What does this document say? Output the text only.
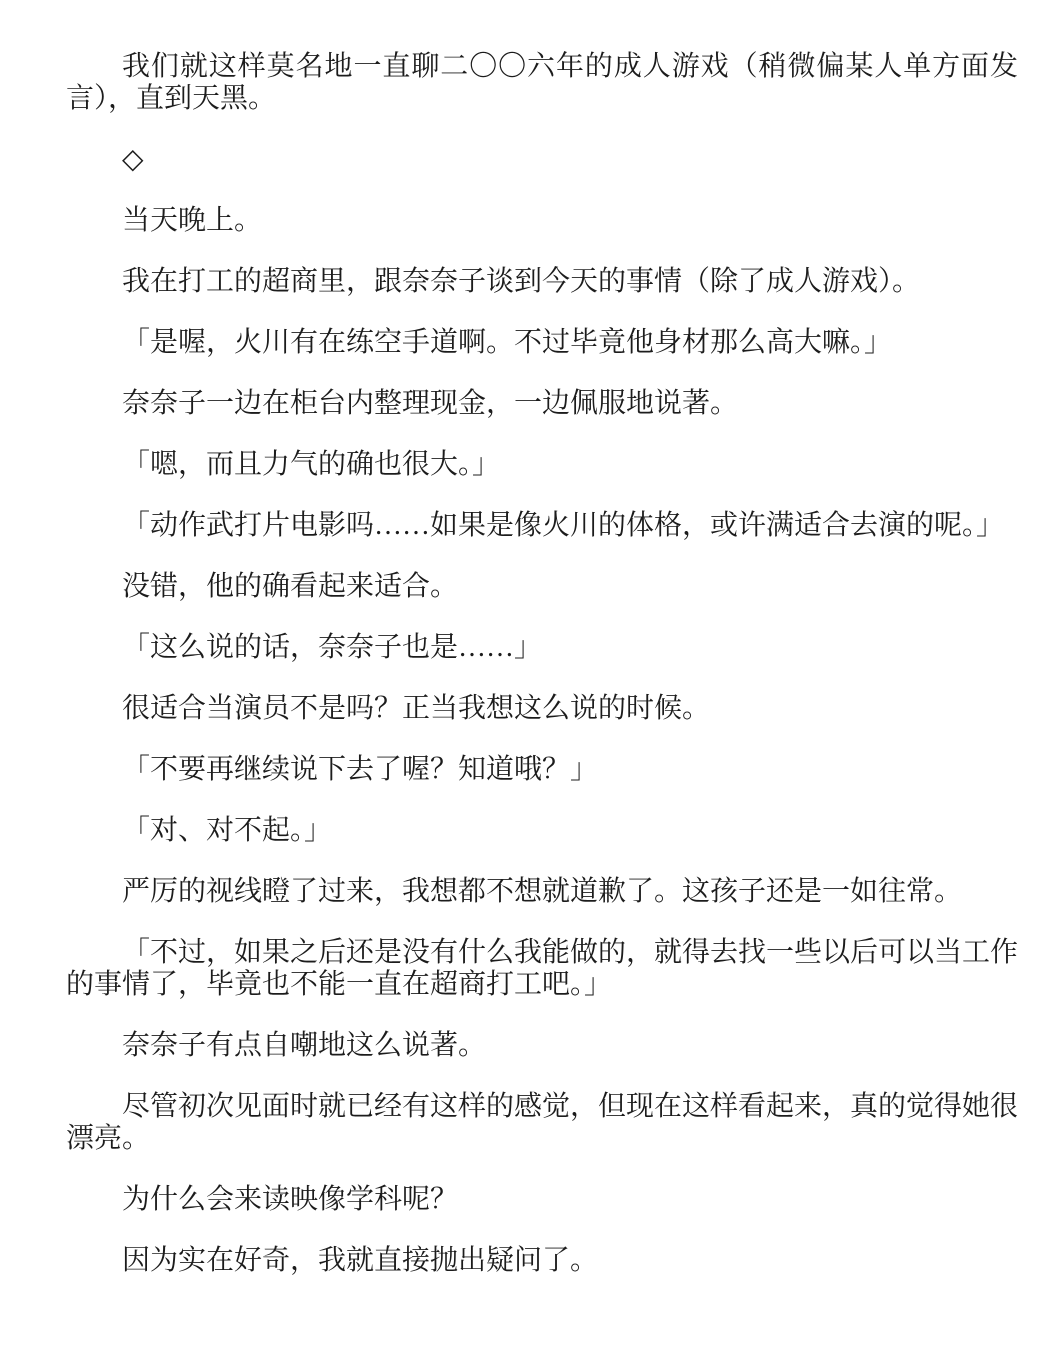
我们就这样莫名地一直聊二〇〇六年的成人游戏（稍微偏某人单方面发言），直到天黑。

◇

当天晚上。

我在打工的超商里，跟奈奈子谈到今天的事情（除了成人游戏）。

「是喔，火川有在练空手道啊。不过毕竟他身材那么高大嘛。」

奈奈子一边在柜台内整理现金，一边佩服地说著。

「嗯，而且力气的确也很大。」

「动作武打片电影吗……如果是像火川的体格，或许满适合去演的呢。」

没错，他的确看起来适合。

「这么说的话，奈奈子也是……」

很适合当演员不是吗？正当我想这么说的时候。

「不要再继续说下去了喔？知道哦？」

「对、对不起。」

严厉的视线瞪了过来，我想都不想就道歉了。这孩子还是一如往常。

「不过，如果之后还是没有什么我能做的，就得去找一些以后可以当工作的事情了，毕竟也不能一直在超商打工吧。」

奈奈子有点自嘲地这么说著。

尽管初次见面时就已经有这样的感觉，但现在这样看起来，真的觉得她很漂亮。

为什么会来读映像学科呢？

因为实在好奇，我就直接抛出疑问了。
